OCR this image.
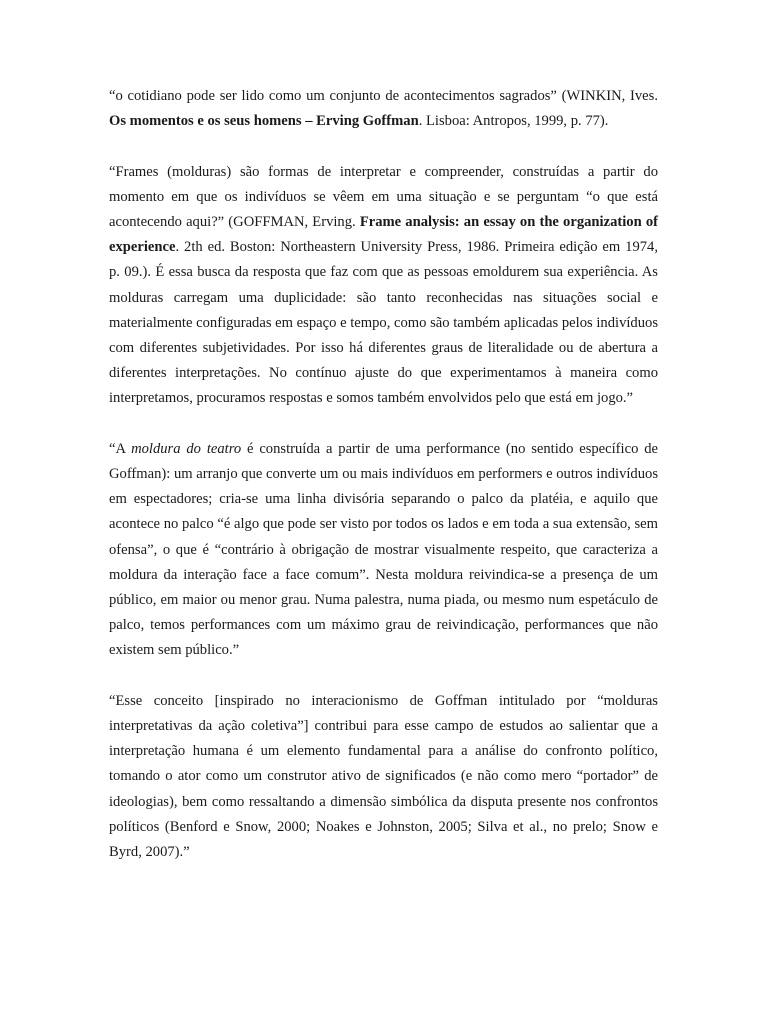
“o cotidiano pode ser lido como um conjunto de acontecimentos sagrados” (WINKIN, Ives. Os momentos e os seus homens – Erving Goffman. Lisboa: Antropos, 1999, p. 77).

“Frames (molduras) são formas de interpretar e compreender, construídas a partir do momento em que os indivíduos se vêem em uma situação e se perguntam “o que está acontecendo aqui?” (GOFFMAN, Erving. Frame analysis: an essay on the organization of experience. 2th ed. Boston: Northeastern University Press, 1986. Primeira edição em 1974, p. 09.). É essa busca da resposta que faz com que as pessoas emoldurem sua experiência. As molduras carregam uma duplicidade: são tanto reconhecidas nas situações social e materialmente configuradas em espaço e tempo, como são também aplicadas pelos indivíduos com diferentes subjetividades. Por isso há diferentes graus de literalidade ou de abertura a diferentes interpretações. No contínuo ajuste do que experimentamos à maneira como interpretamos, procuramos respostas e somos também envolvidos pelo que está em jogo.”

“A moldura do teatro é construída a partir de uma performance (no sentido específico de Goffman): um arranjo que converte um ou mais indivíduos em performers e outros indivíduos em espectadores; cria-se uma linha divisória separando o palco da platéia, e aquilo que acontece no palco “é algo que pode ser visto por todos os lados e em toda a sua extensão, sem ofensa”, o que é “contrário à obrigação de mostrar visualmente respeito, que caracteriza a moldura da interação face a face comum”. Nesta moldura reivindica-se a presença de um público, em maior ou menor grau. Numa palestra, numa piada, ou mesmo num espetáculo de palco, temos performances com um máximo grau de reivindicação, performances que não existem sem público.”

“Esse conceito [inspirado no interacionismo de Goffman intitulado por “molduras interpretativas da ação coletiva”] contribui para esse campo de estudos ao salientar que a interpretação humana é um elemento fundamental para a análise do confronto político, tomando o ator como um construtor ativo de significados (e não como mero “portador” de ideologias), bem como ressaltando a dimensão simbólica da disputa presente nos confrontos políticos (Benford e Snow, 2000; Noakes e Johnston, 2005; Silva et al., no prelo; Snow e Byrd, 2007).”
